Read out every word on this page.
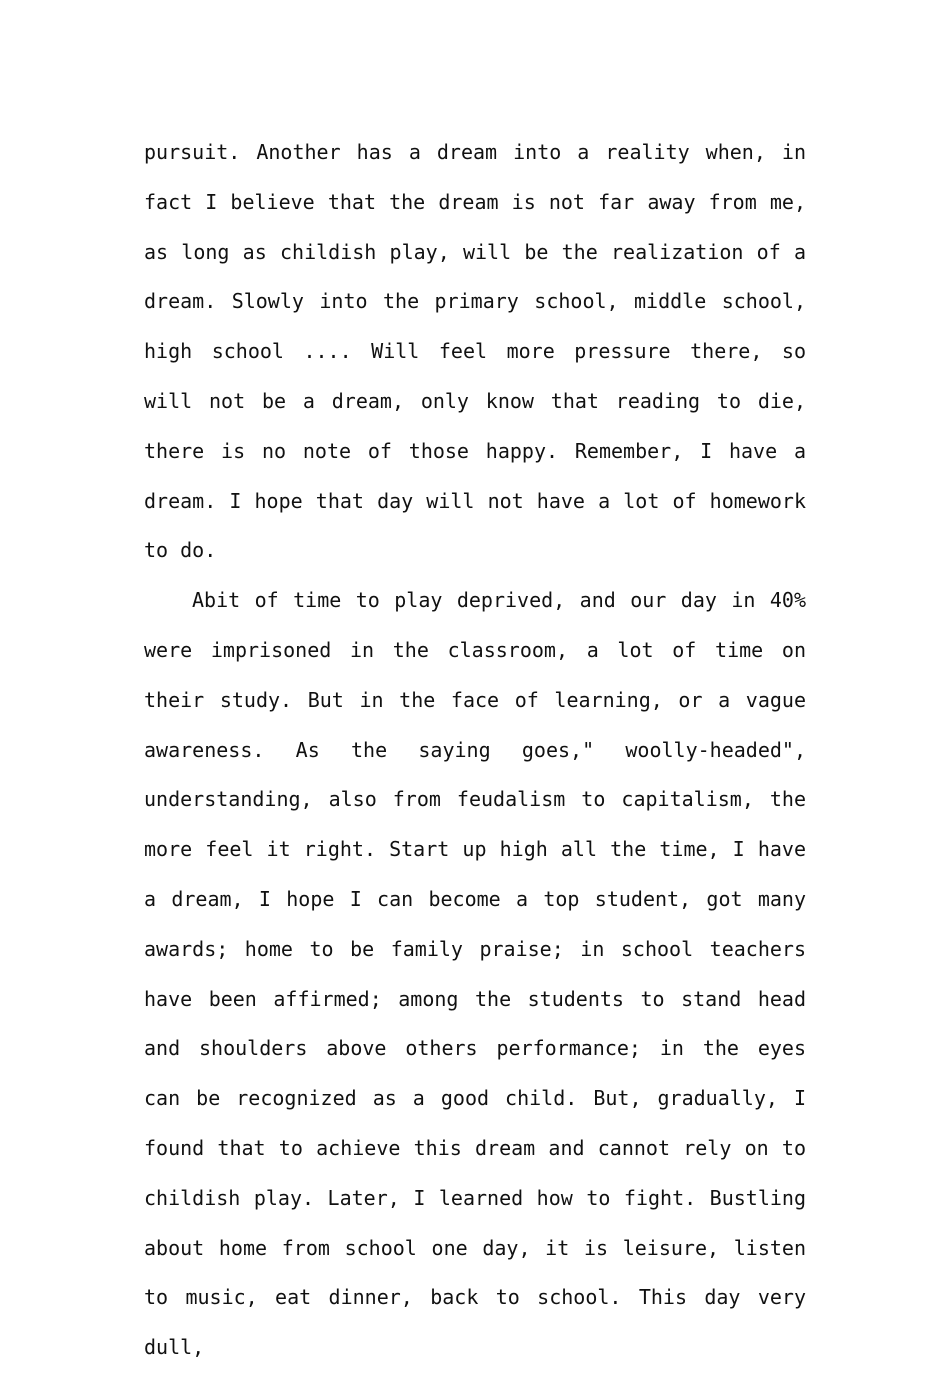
pursuit. Another has a dream into a reality when, in fact I believe that the dream is not far away from me, as long as childish play, will be the realization of a dream. Slowly into the primary school, middle school, high school .... Will feel more pressure there, so will not be a dream, only know that reading to die, there is no note of those happy. Remember, I have a dream. I hope that day will not have a lot of homework to do.

Abit of time to play deprived, and our day in 40% were imprisoned in the classroom, a lot of time on their study. But in the face of learning, or a vague awareness. As the saying goes," woolly-headed", understanding, also from feudalism to capitalism, the more feel it right. Start up high all the time, I have a dream, I hope I can become a top student, got many awards; home to be family praise; in school teachers have been affirmed; among the students to stand head and shoulders above others performance; in the eyes can be recognized as a good child. But, gradually, I found that to achieve this dream and cannot rely on to childish play. Later, I learned how to fight. Bustling about home from school one day, it is leisure, listen to music, eat dinner, back to school. This day very dull,
